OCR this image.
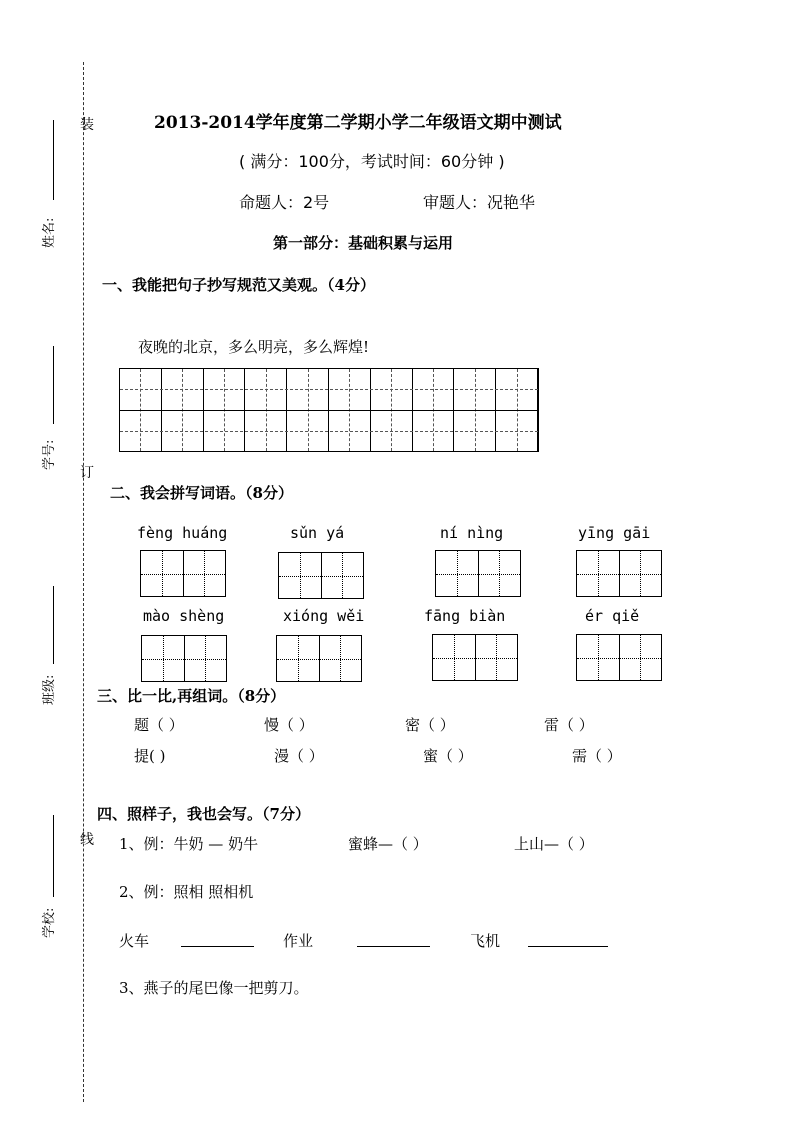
装
订
线
姓名:
学号:
班级:
学校:
2013-2014学年度第二学期小学二年级语文期中测试
( 满分：100分，考试时间：60分钟 )
命题人：2号	审题人：况艳华
第一部分：基础积累与运用
一、我能把句子抄写规范又美观。（4分）
夜晚的北京，多么明亮，多么辉煌!
二、我会拼写词语。（8分）
fèng huáng	sǔn yá	ní nìng	yīng gāi
mào shèng	xióng wěi	fāng biàn	ér qiě
三、比一比,再组词。（8分）
题（ ）	慢（ ）	密（ ）	雷（ ）
提( )	漫（ ）	蜜（ ）	需（ ）
四、照样子，我也会写。（7分）
1、例：牛奶 — 奶牛	蜜蜂—（ ）	上山—（ ）
2、例：照相 照相机
火车	作业	飞机
3、燕子的尾巴像一把剪刀。
